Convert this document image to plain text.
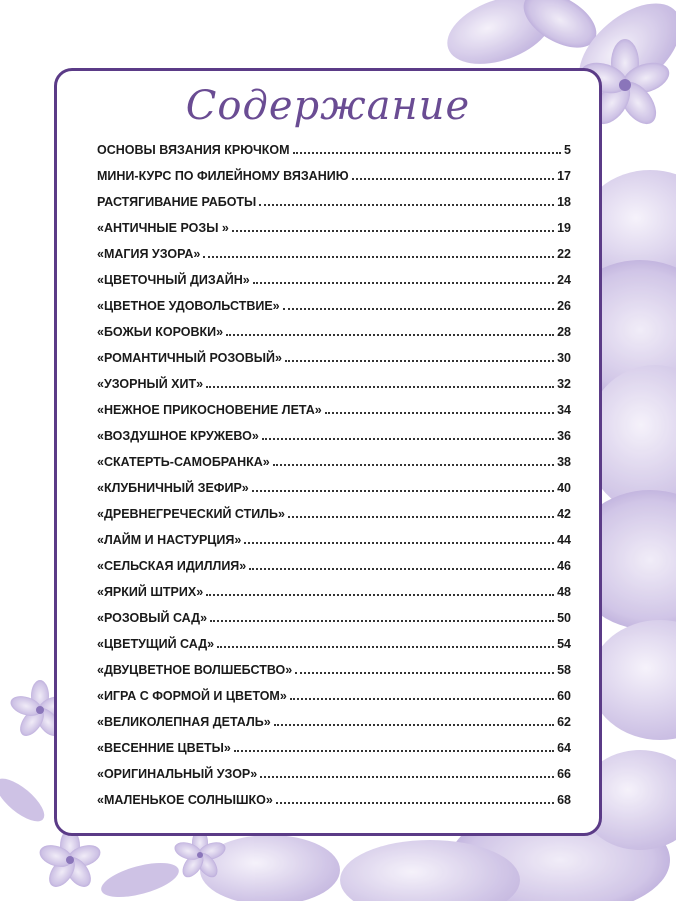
Содержание
ОСНОВЫ ВЯЗАНИЯ КРЮЧКОМ	5
МИНИ-КУРС ПО ФИЛЕЙНОМУ ВЯЗАНИЮ	17
РАСТЯГИВАНИЕ РАБОТЫ	18
«АНТИЧНЫЕ РОЗЫ »	19
«МАГИЯ УЗОРА»	22
«ЦВЕТОЧНЫЙ ДИЗАЙН»	24
«ЦВЕТНОЕ УДОВОЛЬСТВИЕ»	26
«БОЖЬИ КОРОВКИ»	28
«РОМАНТИЧНЫЙ РОЗОВЫЙ»	30
«УЗОРНЫЙ ХИТ»	32
«НЕЖНОЕ ПРИКОСНОВЕНИЕ ЛЕТА»	34
«ВОЗДУШНОЕ КРУЖЕВО»	36
«СКАТЕРТЬ-САМОБРАНКА»	38
«КЛУБНИЧНЫЙ ЗЕФИР»	40
«ДРЕВНЕГРЕЧЕСКИЙ СТИЛЬ»	42
«ЛАЙМ И НАСТУРЦИЯ»	44
«СЕЛЬСКАЯ ИДИЛЛИЯ»	46
«ЯРКИЙ ШТРИХ»	48
«РОЗОВЫЙ САД»	50
«ЦВЕТУЩИЙ САД»	54
«ДВУЦВЕТНОЕ ВОЛШЕБСТВО»	58
«ИГРА С ФОРМОЙ И ЦВЕТОМ»	60
«ВЕЛИКОЛЕПНАЯ ДЕТАЛЬ»	62
«ВЕСЕННИЕ ЦВЕТЫ»	64
«ОРИГИНАЛЬНЫЙ УЗОР»	66
«МАЛЕНЬКОЕ СОЛНЫШКО»	68
